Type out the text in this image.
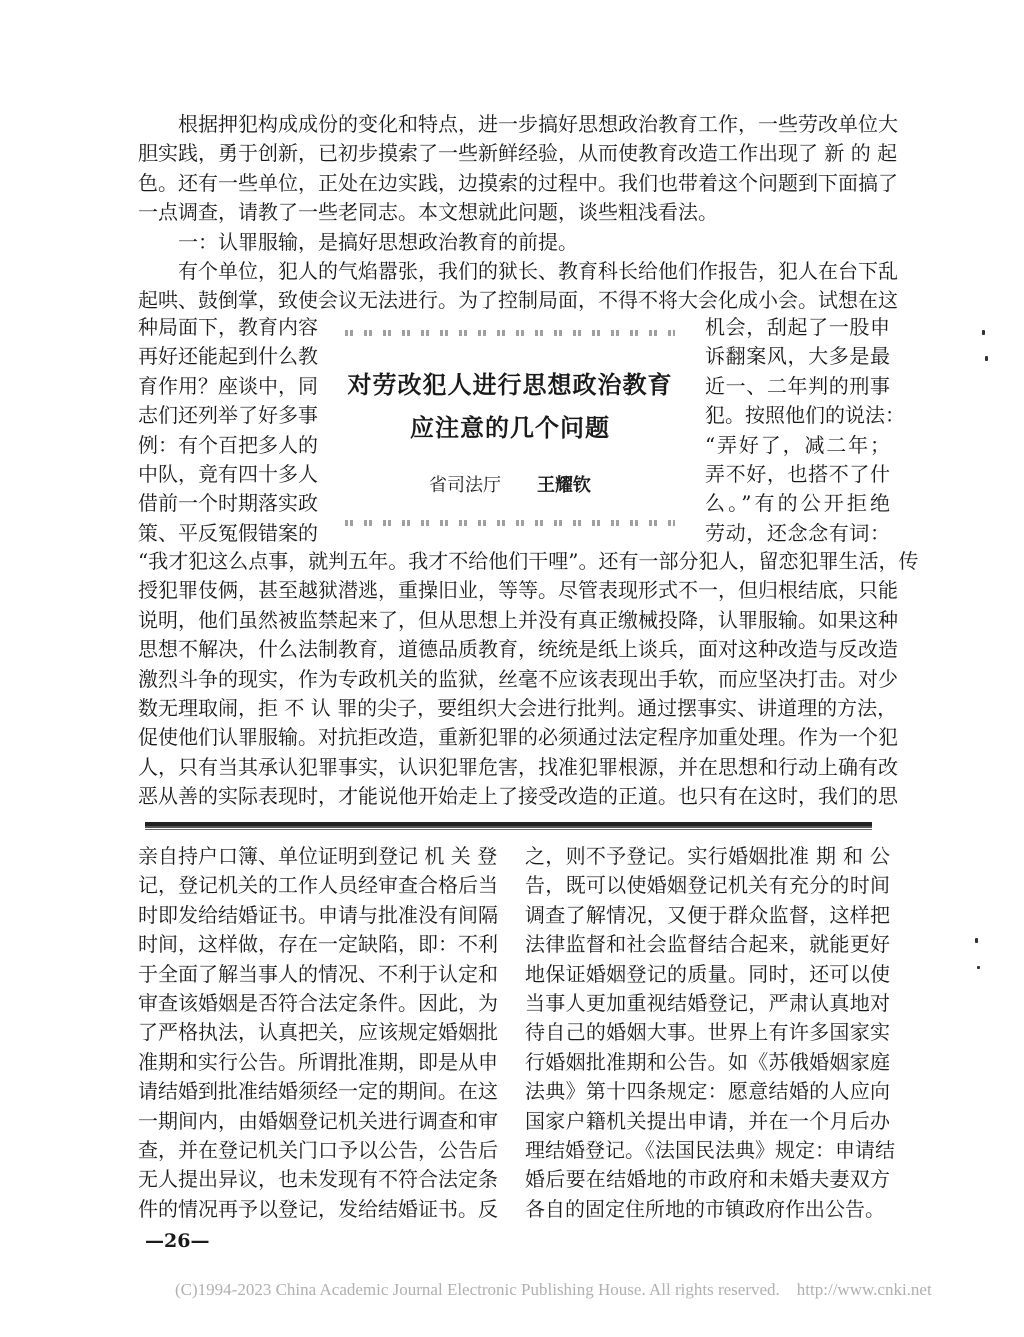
根据押犯构成成份的变化和特点，进一步搞好思想政治教育工作，一些劳改单位大
胆实践，勇于创新，已初步摸索了一些新鲜经验，从而使教育改造工作出现了 新 的 起
色。还有一些单位，正处在边实践，边摸索的过程中。我们也带着这个问题到下面搞了
一点调查，请教了一些老同志。本文想就此问题，谈些粗浅看法。
一：认罪服输，是搞好思想政治教育的前提。
有个单位，犯人的气焰嚣张，我们的狱长、教育科长给他们作报告，犯人在台下乱
起哄、鼓倒掌，致使会议无法进行。为了控制局面，不得不将大会化成小会。试想在这
种局面下，教育内容
再好还能起到什么教
育作用？座谈中，同
志们还列举了好多事
例：有个百把多人的
中队，竟有四十多人
借前一个时期落实政
策、平反冤假错案的
对劳改犯人进行思想政治教育
应注意的几个问题
省司法厅 王耀钦
机会，刮起了一股申
诉翻案风，大多是最
近一、二年判的刑事
犯。按照他们的说法：
“弄好了，减二年；
弄不好，也搭不了什
么。”有的公开拒绝
劳动，还念念有词：
“我才犯这么点事，就判五年。我才不给他们干哩”。还有一部分犯人，留恋犯罪生活，传
授犯罪伎俩，甚至越狱潜逃，重操旧业，等等。尽管表现形式不一，但归根结底，只能
说明，他们虽然被监禁起来了，但从思想上并没有真正缴械投降，认罪服输。如果这种
思想不解决，什么法制教育，道德品质教育，统统是纸上谈兵，面对这种改造与反改造
激烈斗争的现实，作为专政机关的监狱，丝毫不应该表现出手软，而应坚决打击。对少
数无理取闹，拒 不 认 罪的尖子，要组织大会进行批判。通过摆事实、讲道理的方法，
促使他们认罪服输。对抗拒改造，重新犯罪的必须通过法定程序加重处理。作为一个犯
人，只有当其承认犯罪事实，认识犯罪危害，找准犯罪根源，并在思想和行动上确有改
恶从善的实际表现时，才能说他开始走上了接受改造的正道。也只有在这时，我们的思
亲自持户口簿、单位证明到登记 机 关 登
记，登记机关的工作人员经审查合格后当
时即发给结婚证书。申请与批准没有间隔
时间，这样做，存在一定缺陷，即：不利
于全面了解当事人的情况、不利于认定和
审查该婚姻是否符合法定条件。因此，为
了严格执法，认真把关，应该规定婚姻批
准期和实行公告。所谓批准期，即是从申
请结婚到批准结婚须经一定的期间。在这
一期间内，由婚姻登记机关进行调查和审
查，并在登记机关门口予以公告，公告后
无人提出异议，也未发现有不符合法定条
件的情况再予以登记，发给结婚证书。反
之，则不予登记。实行婚姻批准 期 和 公
告，既可以使婚姻登记机关有充分的时间
调查了解情况，又便于群众监督，这样把
法律监督和社会监督结合起来，就能更好
地保证婚姻登记的质量。同时，还可以使
当事人更加重视结婚登记，严肃认真地对
待自己的婚姻大事。世界上有许多国家实
行婚姻批准期和公告。如《苏俄婚姻家庭
法典》第十四条规定：愿意结婚的人应向
国家户籍机关提出申请，并在一个月后办
理结婚登记。《法国民法典》规定：申请结
婚后要在结婚地的市政府和未婚夫妻双方
各自的固定住所地的市镇政府作出公告。
—26—
(C)1994-2023 China Academic Journal Electronic Publishing House. All rights reserved.    http://www.cnki.net
